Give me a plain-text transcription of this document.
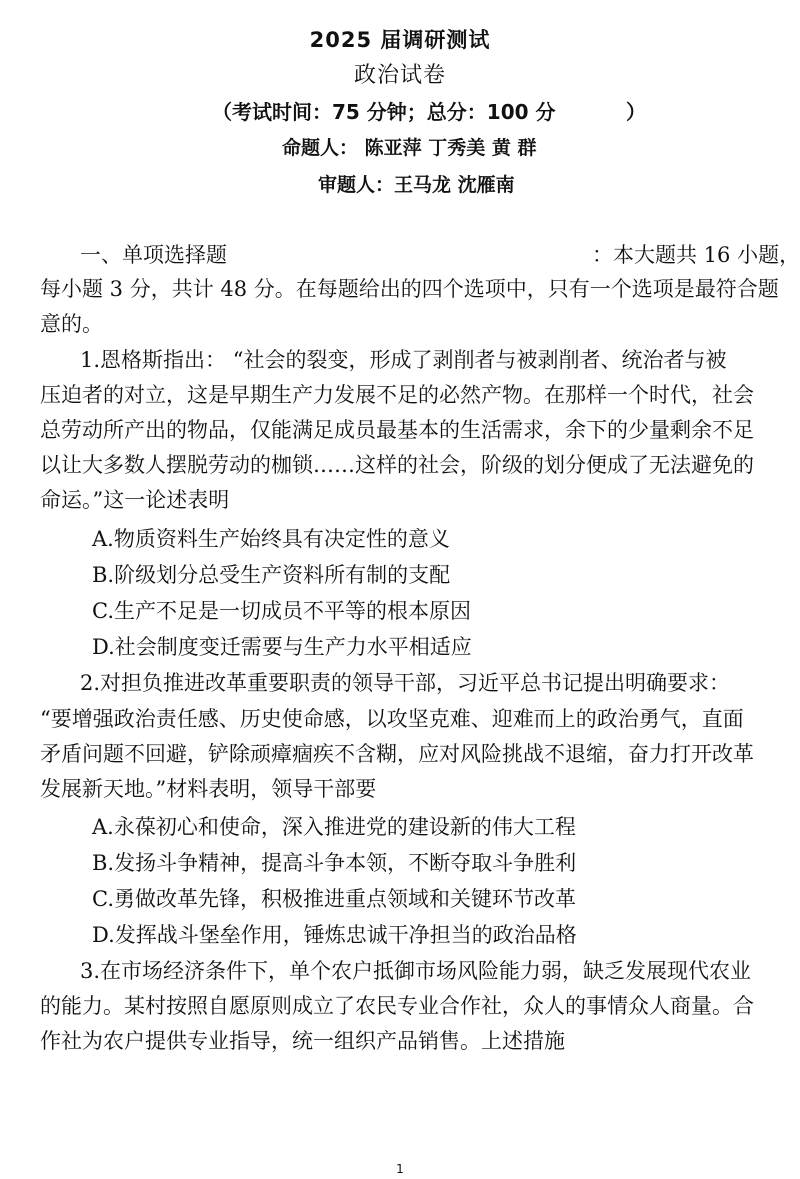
2025 届调研测试
政治试卷
（考试时间：75 分钟；总分：100 分	）
命题人： 陈亚萍 丁秀美 黄 群
审题人：王马龙 沈雁南
一、单项选择题	：本大题共 16 小题，
每小题 3 分，共计 48 分。在每题给出的四个选项中，只有一个选项是最符合题
意的。
1.恩格斯指出： “社会的裂变，形成了剥削者与被剥削者、统治者与被
压迫者的对立，这是早期生产力发展不足的必然产物。在那样一个时代，社会
总劳动所产出的物品，仅能满足成员最基本的生活需求，余下的少量剩余不足
以让大多数人摆脱劳动的枷锁……这样的社会，阶级的划分便成了无法避免的
命运。”这一论述表明
A.物质资料生产始终具有决定性的意义
B.阶级划分总受生产资料所有制的支配
C.生产不足是一切成员不平等的根本原因
D.社会制度变迁需要与生产力水平相适应
2.对担负推进改革重要职责的领导干部，习近平总书记提出明确要求：
“要增强政治责任感、历史使命感，以攻坚克难、迎难而上的政治勇气，直面
矛盾问题不回避，铲除顽瘴痼疾不含糊，应对风险挑战不退缩，奋力打开改革
发展新天地。”材料表明，领导干部要
A.永葆初心和使命，深入推进党的建设新的伟大工程
B.发扬斗争精神，提高斗争本领，不断夺取斗争胜利
C.勇做改革先锋，积极推进重点领域和关键环节改革
D.发挥战斗堡垒作用，锤炼忠诚干净担当的政治品格
3.在市场经济条件下，单个农户抵御市场风险能力弱，缺乏发展现代农业
的能力。某村按照自愿原则成立了农民专业合作社，众人的事情众人商量。合
作社为农户提供专业指导，统一组织产品销售。上述措施
1
